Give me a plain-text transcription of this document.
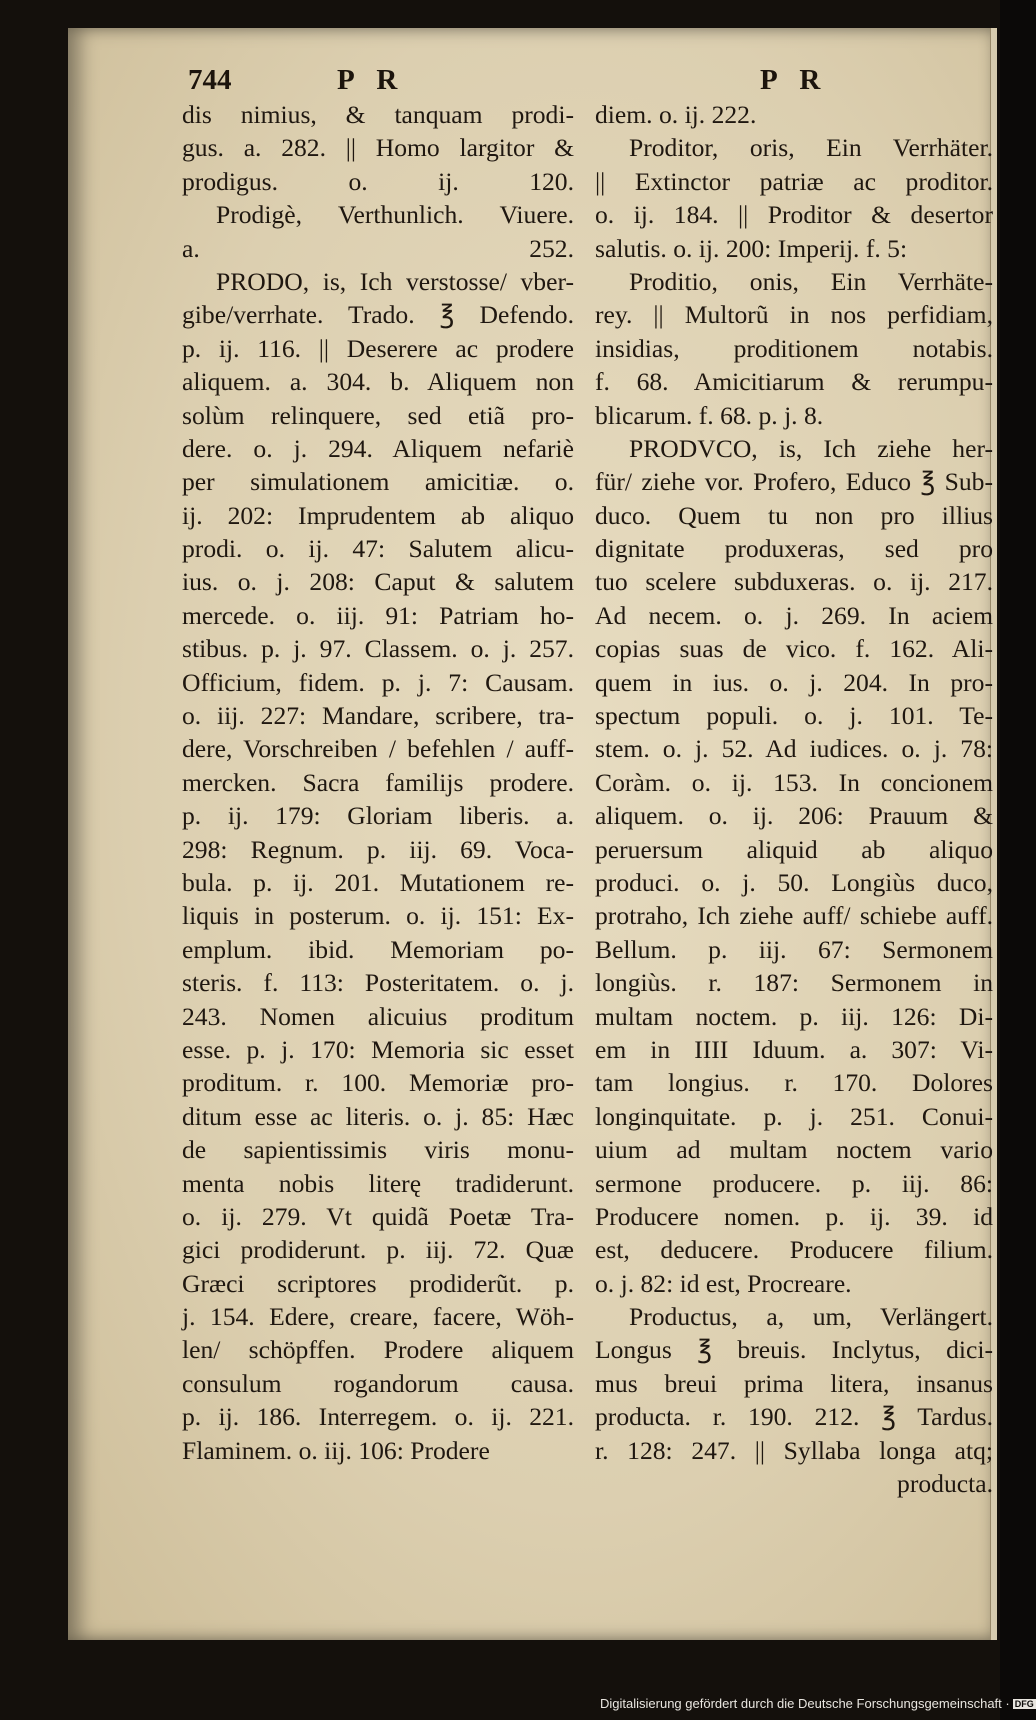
744	P R	P R
dis nimius, & tanquam prodi-
gus. a. 282. || Homo largitor &
prodigus. o. ij. 120.
Prodigè, Verthunlich. Viuere.
a. 252.
PRODO, is, Ich verstosse/ vber-
gibe/verrhate. Trado. ℥ Defendo.
p. ij. 116. || Deserere ac prodere
aliquem. a. 304. b. Aliquem non
solùm relinquere, sed etiã pro-
dere. o. j. 294. Aliquem nefariè
per simulationem amicitiæ. o.
ij. 202: Imprudentem ab aliquo
prodi. o. ij. 47: Salutem alicu-
ius. o. j. 208: Caput & salutem
mercede. o. iij. 91: Patriam ho-
stibus. p. j. 97. Classem. o. j. 257.
Officium, fidem. p. j. 7: Causam.
o. iij. 227: Mandare, scribere, tra-
dere, Vorschreiben / befehlen / auff-
mercken. Sacra familijs prodere.
p. ij. 179: Gloriam liberis. a.
298: Regnum. p. iij. 69. Voca-
bula. p. ij. 201. Mutationem re-
liquis in posterum. o. ij. 151: Ex-
emplum. ibid. Memoriam po-
steris. f. 113: Posteritatem. o. j.
243. Nomen alicuius proditum
esse. p. j. 170: Memoria sic esset
proditum. r. 100. Memoriæ pro-
ditum esse ac literis. o. j. 85: Hæc
de sapientissimis viris monu-
menta nobis literę tradiderunt.
o. ij. 279. Vt quidã Poetæ Tra-
gici prodiderunt. p. iij. 72. Quæ
Græci scriptores prodiderũt. p.
j. 154. Edere, creare, facere, Wöh-
len/ schöpffen. Prodere aliquem
consulum rogandorum causa.
p. ij. 186. Interregem. o. ij. 221.
Flaminem. o. iij. 106: Prodere
diem. o. ij. 222.
Proditor, oris, Ein Verrhäter.
|| Extinctor patriæ ac proditor.
o. ij. 184. || Proditor & desertor
salutis. o. ij. 200: Imperij. f. 5:
Proditio, onis, Ein Verrhäte-
rey. || Multorũ in nos perfidiam,
insidias, proditionem notabis.
f. 68. Amicitiarum & rerumpu-
blicarum. f. 68. p. j. 8.
PRODVCO, is, Ich ziehe her-
für/ ziehe vor. Profero, Educo ℥ Sub-
duco. Quem tu non pro illius
dignitate produxeras, sed pro
tuo scelere subduxeras. o. ij. 217.
Ad necem. o. j. 269. In aciem
copias suas de vico. f. 162. Ali-
quem in ius. o. j. 204. In pro-
spectum populi. o. j. 101. Te-
stem. o. j. 52. Ad iudices. o. j. 78:
Coràm. o. ij. 153. In concionem
aliquem. o. ij. 206: Prauum &
peruersum aliquid ab aliquo
produci. o. j. 50. Longiùs duco,
protraho, Ich ziehe auff/ schiebe auff.
Bellum. p. iij. 67: Sermonem
longiùs. r. 187: Sermonem in
multam noctem. p. iij. 126: Di-
em in IIII Iduum. a. 307: Vi-
tam longius. r. 170. Dolores
longinquitate. p. j. 251. Conui-
uium ad multam noctem vario
sermone producere. p. iij. 86:
Producere nomen. p. ij. 39. id
est, deducere. Producere filium.
o. j. 82: id est, Procreare.
Productus, a, um, Verlängert.
Longus ℥ breuis. Inclytus, dici-
mus breui prima litera, insanus
producta. r. 190. 212. ℥ Tardus.
r. 128: 247. || Syllaba longa atq;
producta.
Digitalisierung gefördert durch die Deutsche Forschungsgemeinschaft · DFG
